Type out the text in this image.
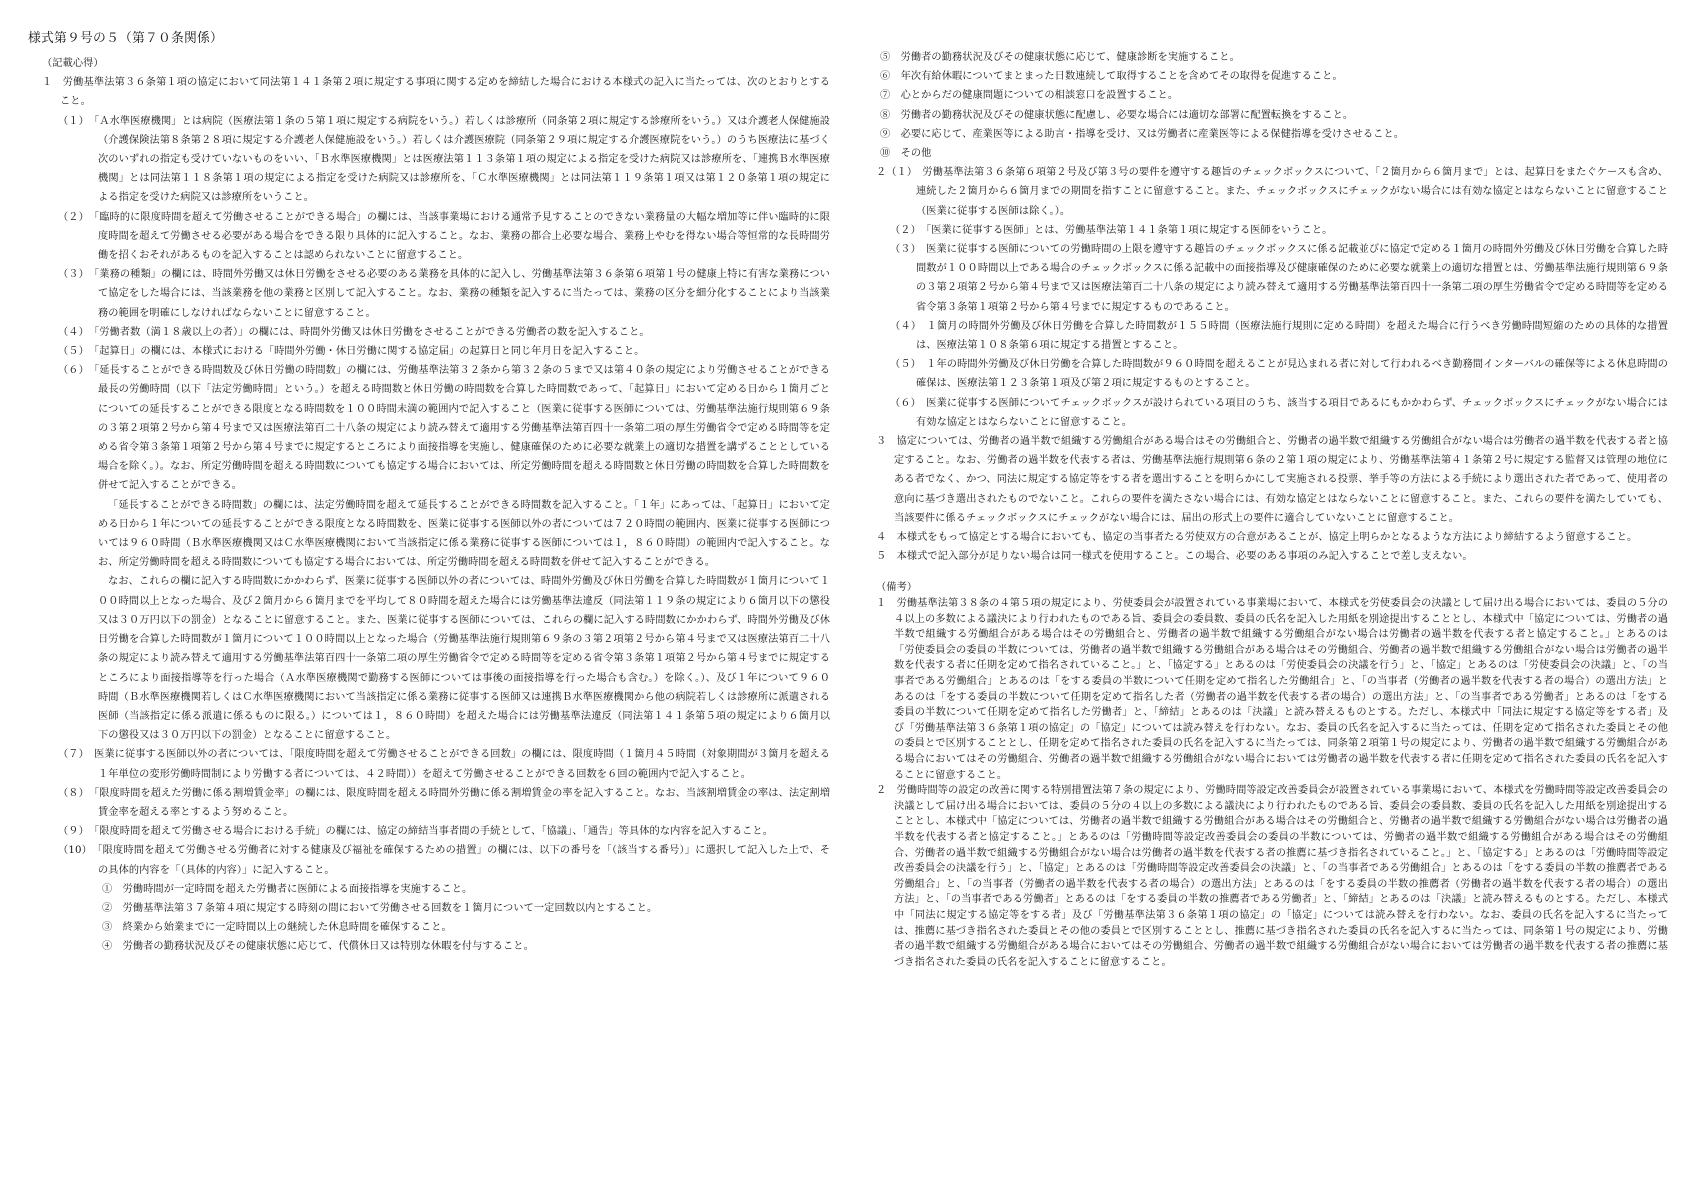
様式第９号の５（第７０条関係）

（記載心得）

１　労働基準法第３６条第１項の協定において同法第１４１条第２項に規定する事項に関する定めを締結した場合における本様式の記入に当たっては、次のとおりとすること。

（１）　「Ａ水準医療機関」とは病院（医療法第１条の５第１項に規定する病院をいう。）若しくは診療所（同条第２項に規定する診療所をいう。）又は介護老人保健施設（介護保険法第８条第２８項に規定する介護老人保健施設をいう。）若しくは介護医療院（同条第２９項に規定する介護医療院をいう。）のうち医療法に基づく次のいずれの指定も受けていないものをいい、「Ｂ水準医療機関」とは医療法第１１３条第１項の規定による指定を受けた病院又は診療所を、「連携Ｂ水準医療機関」とは同法第１１８条第１項の規定による指定を受けた病院又は診療所を、「Ｃ水準医療機関」とは同法第１１９条第１項又は第１２０条第１項の規定による指定を受けた病院又は診療所をいうこと。

（２）　「臨時的に限度時間を超えて労働させることができる場合」の欄には、当該事業場における通常予見することのできない業務量の大幅な増加等に伴い臨時的に限度時間を超えて労働させる必要がある場合をできる限り具体的に記入すること。なお、業務の都合上必要な場合、業務上やむを得ない場合等恒常的な長時間労働を招くおそれがあるものを記入することは認められないことに留意すること。

（３）　「業務の種類」の欄には、時間外労働又は休日労働をさせる必要のある業務を具体的に記入し、労働基準法第３６条第６項第１号の健康上特に有害な業務について協定をした場合には、当該業務を他の業務と区別して記入すること。なお、業務の種類を記入するに当たっては、業務の区分を細分化することにより当該業務の範囲を明確にしなければならないことに留意すること。

（４）　「労働者数（満１８歳以上の者）」の欄には、時間外労働又は休日労働をさせることができる労働者の数を記入すること。

（５）　「起算日」の欄には、本様式における「時間外労働・休日労働に関する協定届」の起算日と同じ年月日を記入すること。

（６）　「延長することができる時間数及び休日労働の時間数」の欄には、労働基準法第３２条から第３２条の５まで又は第４０条の規定により労働させることができる最長の労働時間（以下「法定労働時間」という。）を超える時間数と休日労働の時間数を合算した時間数であって、「起算日」において定める日から１箇月ごとについての延長することができる限度となる時間数を１００時間未満の範囲内で記入すること（医業に従事する医師については、労働基準法施行規則第６９条の３第２項第２号から第４号まで又は医療法第百二十八条の規定により読み替えて適用する労働基準法第百四十一条第二項の厚生労働省令で定める時間等を定める省令第３条第１項第２号から第４号までに規定するところにより面接指導を実施し、健康確保のために必要な就業上の適切な措置を講ずることとしている場合を除く。）。なお、所定労働時間を超える時間数についても協定する場合においては、所定労働時間を超える時間数と休日労働の時間数を合算した時間数を併せて記入することができる。

「延長することができる時間数」の欄には、法定労働時間を超えて延長することができる時間数を記入すること。「１年」にあっては、「起算日」において定める日から１年についての延長することができる限度となる時間数を、医業に従事する医師以外の者については７２０時間の範囲内、医業に従事する医師については９６０時間（Ｂ水準医療機関又はＣ水準医療機関において当該指定に係る業務に従事する医師については１，８６０時間）の範囲内で記入すること。なお、所定労働時間を超える時間数についても協定する場合においては、所定労働時間を超える時間数を併せて記入することができる。

なお、これらの欄に記入する時間数にかかわらず、医業に従事する医師以外の者については、時間外労働及び休日労働を合算した時間数が１箇月について１００時間以上となった場合、及び２箇月から６箇月までを平均して８０時間を超えた場合には労働基準法違反（同法第１１９条の規定により６箇月以下の懲役又は３０万円以下の罰金）となることに留意すること。また、医業に従事する医師については、これらの欄に記入する時間数にかかわらず、時間外労働及び休日労働を合算した時間数が１箇月について１００時間以上となった場合（労働基準法施行規則第６９条の３第２項第２号から第４号まで又は医療法第百二十八条の規定により読み替えて適用する労働基準法第百四十一条第二項の厚生労働省令で定める時間等を定める省令第３条第１項第２号から第４号までに規定するところにより面接指導等を行った場合（Ａ水準医療機関で勤務する医師については事後の面接指導を行った場合も含む。）を除く。）、及び１年について９６０時間（Ｂ水準医療機関若しくはＣ水準医療機関において当該指定に係る業務に従事する医師又は連携Ｂ水準医療機関から他の病院若しくは診療所に派遣される医師（当該指定に係る派遣に係るものに限る。）については１，８６０時間）を超えた場合には労働基準法違反（同法第１４１条第５項の規定により６箇月以下の懲役又は３０万円以下の罰金）となることに留意すること。

（７）　医業に従事する医師以外の者については、「限度時間を超えて労働させることができる回数」の欄には、限度時間（１箇月４５時間（対象期間が３箇月を超える１年単位の変形労働時間制により労働する者については、４２時間））を超えて労働させることができる回数を６回の範囲内で記入すること。

（８）　「限度時間を超えた労働に係る割増賃金率」の欄には、限度時間を超える時間外労働に係る割増賃金の率を記入すること。なお、当該割増賃金の率は、法定割増賃金率を超える率とするよう努めること。

（９）　「限度時間を超えて労働させる場合における手続」の欄には、協定の締結当事者間の手続として、「協議」、「通告」等具体的な内容を記入すること。

（10）　「限度時間を超えて労働させる労働者に対する健康及び福祉を確保するための措置」の欄には、以下の番号を「（該当する番号）」に選択して記入した上で、その具体的内容を「（具体的内容）」に記入すること。

①　労働時間が一定時間を超えた労働者に医師による面接指導を実施すること。

②　労働基準法第３７条第４項に規定する時刻の間において労働させる回数を１箇月について一定回数以内とすること。

③　終業から始業までに一定時間以上の継続した休息時間を確保すること。

④　労働者の勤務状況及びその健康状態に応じて、代償休日又は特別な休暇を付与すること。

⑤　労働者の勤務状況及びその健康状態に応じて、健康診断を実施すること。

⑥　年次有給休暇についてまとまった日数連続して取得することを含めてその取得を促進すること。

⑦　心とからだの健康問題についての相談窓口を設置すること。

⑧　労働者の勤務状況及びその健康状態に配慮し、必要な場合には適切な部署に配置転換をすること。

⑨　必要に応じて、産業医等による助言・指導を受け、又は労働者に産業医等による保健指導を受けさせること。

⑩　その他

２（１）　労働基準法第３６条第６項第２号及び第３号の要件を遵守する趣旨のチェックボックスについて、「２箇月から６箇月まで」とは、起算日をまたぐケースも含め、連続した２箇月から６箇月までの期間を指すことに留意すること。また、チェックボックスにチェックがない場合には有効な協定とはならないことに留意すること（医業に従事する医師は除く。）。

（２）　「医業に従事する医師」とは、労働基準法第１４１条第１項に規定する医師をいうこと。

（３）　医業に従事する医師についての労働時間の上限を遵守する趣旨のチェックボックスに係る記載並びに協定で定める１箇月の時間外労働及び休日労働を合算した時間数が１００時間以上である場合のチェックボックスに係る記載中の面接指導及び健康確保のために必要な就業上の適切な措置とは、労働基準法施行規則第６９条の３第２項第２号から第４号まで又は医療法第百二十八条の規定により読み替えて適用する労働基準法第百四十一条第二項の厚生労働省令で定める時間等を定める省令第３条第１項第２号から第４号までに規定するものであること。

（４）　１箇月の時間外労働及び休日労働を合算した時間数が１５５時間（医療法施行規則に定める時間）を超えた場合に行うべき労働時間短縮のための具体的な措置は、医療法第１０８条第６項に規定する措置とすること。

（５）　１年の時間外労働及び休日労働を合算した時間数が９６０時間を超えることが見込まれる者に対して行われるべき勤務間インターバルの確保等による休息時間の確保は、医療法第１２３条第１項及び第２項に規定するものとすること。

（６）　医業に従事する医師についてチェックボックスが設けられている項目のうち、該当する項目であるにもかかわらず、チェックボックスにチェックがない場合には有効な協定とはならないことに留意すること。

３　協定については、労働者の過半数で組織する労働組合がある場合はその労働組合と、労働者の過半数で組織する労働組合がない場合は労働者の過半数を代表する者と協定すること。なお、労働者の過半数を代表する者は、労働基準法施行規則第６条の２第１項の規定により、労働基準法第４１条第２号に規定する監督又は管理の地位にある者でなく、かつ、同法に規定する協定等をする者を選出することを明らかにして実施される投票、挙手等の方法による手続により選出された者であって、使用者の意向に基づき選出されたものでないこと。これらの要件を満たさない場合には、有効な協定とはならないことに留意すること。また、これらの要件を満たしていても、当該要件に係るチェックボックスにチェックがない場合には、届出の形式上の要件に適合していないことに留意すること。

４　本様式をもって協定とする場合においても、協定の当事者たる労使双方の合意があることが、協定上明らかとなるような方法により締結するよう留意すること。

５　本様式で記入部分が足りない場合は同一様式を使用すること。この場合、必要のある事項のみ記入することで差し支えない。

（備考）

１　労働基準法第３８条の４第５項の規定により、労使委員会が設置されている事業場において、本様式を労使委員会の決議として届け出る場合においては、委員の５分の４以上の多数による議決により行われたものである旨、委員会の委員数、委員の氏名を記入した用紙を別途提出することとし、本様式中「協定については、労働者の過半数で組織する労働組合がある場合はその労働組合と、労働者の過半数で組織する労働組合がない場合は労働者の過半数を代表する者と協定すること。」とあるのは「労使委員会の委員の半数については、労働者の過半数で組織する労働組合がある場合はその労働組合、労働者の過半数で組織する労働組合がない場合は労働者の過半数を代表する者に任期を定めて指名されていること。」と、「協定する」とあるのは「労使委員会の決議を行う」と、「協定」とあるのは「労使委員会の決議」と、「の当事者である労働組合」とあるのは「をする委員の半数について任期を定めて指名した労働組合」と、「の当事者（労働者の過半数を代表する者の場合）の選出方法」とあるのは「をする委員の半数について任期を定めて指名した者（労働者の過半数を代表する者の場合）の選出方法」と、「の当事者である労働者」とあるのは「をする委員の半数について任期を定めて指名した労働者」と、「締結」とあるのは「決議」と読み替えるものとする。ただし、本様式中「同法に規定する協定等をする者」及び「労働基準法第３６条第１項の協定」の「協定」については読み替えを行わない。なお、委員の氏名を記入するに当たっては、任期を定めて指名された委員とその他の委員とで区別することとし、任期を定めて指名された委員の氏名を記入するに当たっては、同条第２項第１号の規定により、労働者の過半数で組織する労働組合がある場合においてはその労働組合、労働者の過半数で組織する労働組合がない場合においては労働者の過半数を代表する者に任期を定めて指名された委員の氏名を記入することに留意すること。

２　労働時間等の設定の改善に関する特別措置法第７条の規定により、労働時間等設定改善委員会が設置されている事業場において、本様式を労働時間等設定改善委員会の決議として届け出る場合においては、委員の５分の４以上の多数による議決により行われたものである旨、委員会の委員数、委員の氏名を記入した用紙を別途提出することとし、本様式中「協定については、労働者の過半数で組織する労働組合がある場合はその労働組合と、労働者の過半数で組織する労働組合がない場合は労働者の過半数を代表する者と協定すること。」とあるのは「労働時間等設定改善委員会の委員の半数については、労働者の過半数で組織する労働組合がある場合はその労働組合、労働者の過半数で組織する労働組合がない場合は労働者の過半数を代表する者の推薦に基づき指名されていること。」と、「協定する」とあるのは「労働時間等設定改善委員会の決議を行う」と、「協定」とあるのは「労働時間等設定改善委員会の決議」と、「の当事者である労働組合」とあるのは「をする委員の半数の推薦者である労働組合」と、「の当事者（労働者の過半数を代表する者の場合）の選出方法」とあるのは「をする委員の半数の推薦者（労働者の過半数を代表する者の場合）の選出方法」と、「の当事者である労働者」とあるのは「をする委員の半数の推薦者である労働者」と、「締結」とあるのは「決議」と読み替えるものとする。ただし、本様式中「同法に規定する協定等をする者」及び「労働基準法第３６条第１項の協定」の「協定」については読み替えを行わない。なお、委員の氏名を記入するに当たっては、推薦に基づき指名された委員とその他の委員とで区別することとし、推薦に基づき指名された委員の氏名を記入するに当たっては、同条第１号の規定により、労働者の過半数で組織する労働組合がある場合においてはその労働組合、労働者の過半数で組織する労働組合がない場合においては労働者の過半数を代表する者の推薦に基づき指名された委員の氏名を記入することに留意すること。
